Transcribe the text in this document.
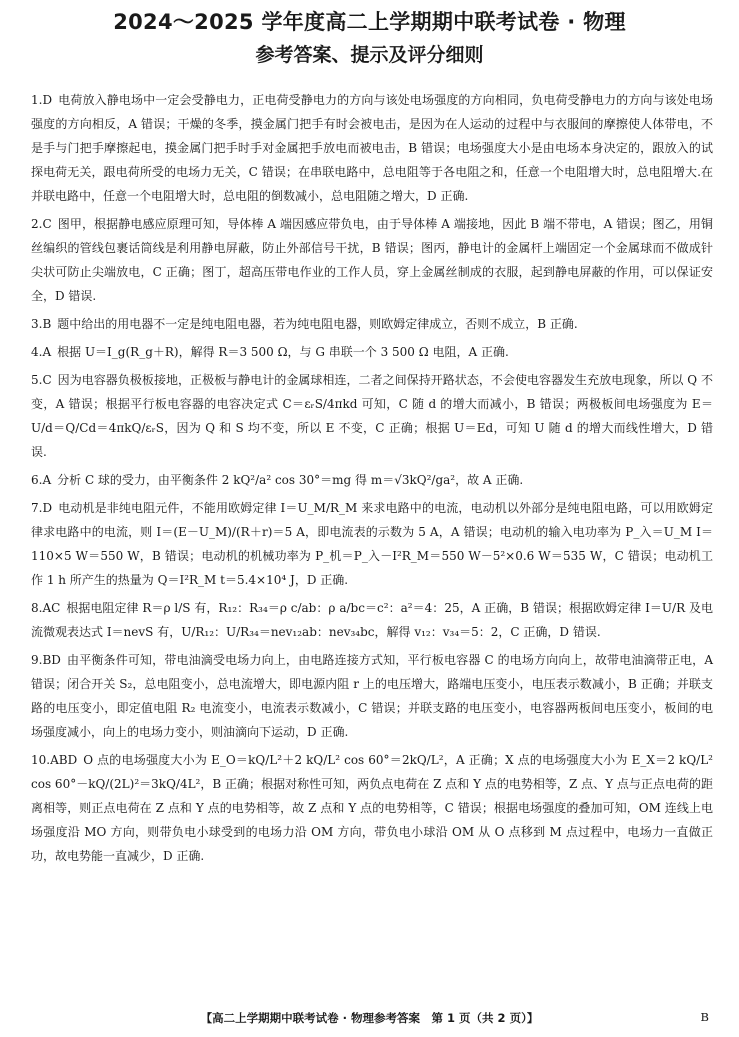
2024～2025 学年度高二上学期期中联考试卷 · 物理
参考答案、提示及评分细则
1.D 电荷放入静电场中一定会受静电力，正电荷受静电力的方向与该处电场强度的方向相同，负电荷受静电力的方向与该处电场强度的方向相反，A 错误；干燥的冬季，摸金属门把手有时会被电击，是因为在人运动的过程中与衣服间的摩擦使人体带电，不是手与门把手摩擦起电，摸金属门把手时手对金属把手放电而被电击，B 错误；电场强度大小是由电场本身决定的，跟放入的试探电荷无关，跟电荷所受的电场力无关，C 错误；在串联电路中，总电阻等于各电阻之和，任意一个电阻增大时，总电阻增大.在并联电路中，任意一个电阻增大时，总电阻的倒数减小，总电阻随之增大，D 正确.
2.C 图甲，根据静电感应原理可知，导体棒 A 端因感应带负电，由于导体棒 A 端接地，因此 B 端不带电，A 错误；图乙，用铜丝编织的管线包裹话筒线是利用静电屏蔽，防止外部信号干扰，B 错误；图丙，静电计的金属杆上端固定一个金属球而不做成针尖状可防止尖端放电，C 正确；图丁，超高压带电作业的工作人员，穿上金属丝制成的衣服，起到静电屏蔽的作用，可以保证安全，D 错误.
3.B 题中给出的用电器不一定是纯电阻电器，若为纯电阻电器，则欧姆定律成立，否则不成立，B 正确.
4.A 根据 U＝I_g(R_g＋R)，解得 R＝3 500 Ω，与 G 串联一个 3 500 Ω 电阻，A 正确.
5.C 因为电容器负极板接地，正极板与静电计的金属球相连，二者之间保持开路状态，不会使电容器发生充放电现象，所以 Q 不变，A 错误；根据平行板电容器的电容决定式 C＝εᵣS/4πkd 可知，C 随 d 的增大而减小，B 错误；两极板间电场强度为 E＝U/d＝Q/Cd＝4πkQ/εᵣS，因为 Q 和 S 均不变，所以 E 不变，C 正确；根据 U＝Ed，可知 U 随 d 的增大而线性增大，D 错误.
6.A 分析 C 球的受力，由平衡条件 2 kQ²/a² cos 30°＝mg 得 m＝√3kQ²/ga²，故 A 正确.
7.D 电动机是非纯电阻元件，不能用欧姆定律 I＝U_M/R_M 来求电路中的电流，电动机以外部分是纯电阻电路，可以用欧姆定律求电路中的电流，则 I＝(E－U_M)/(R＋r)＝5 A，即电流表的示数为 5 A，A 错误；电动机的输入电功率为 P_入＝U_M I＝110×5 W＝550 W，B 错误；电动机的机械功率为 P_机＝P_入－I²R_M＝550 W－5²×0.6 W＝535 W，C 错误；电动机工作 1 h 所产生的热量为 Q＝I²R_M t＝5.4×10⁴ J，D 正确.
8.AC 根据电阻定律 R＝ρ l/S 有，R₁₂：R₃₄＝ρ c/ab：ρ a/bc＝c²：a²＝4：25，A 正确，B 错误；根据欧姆定律 I＝U/R 及电流微观表达式 I＝nevS 有，U/R₁₂：U/R₃₄＝nev₁₂ab：nev₃₄bc，解得 v₁₂：v₃₄＝5：2，C 正确，D 错误.
9.BD 由平衡条件可知，带电油滴受电场力向上，由电路连接方式知，平行板电容器 C 的电场方向向上，故带电油滴带正电，A 错误；闭合开关 S₂，总电阻变小，总电流增大，即电源内阻 r 上的电压增大，路端电压变小，电压表示数减小，B 正确；并联支路的电压变小，即定值电阻 R₂ 电流变小，电流表示数减小，C 错误；并联支路的电压变小，电容器两板间电压变小，板间的电场强度减小，向上的电场力变小，则油滴向下运动，D 正确.
10.ABD O 点的电场强度大小为 E_O＝kQ/L²＋2 kQ/L² cos 60°＝2kQ/L²，A 正确；X 点的电场强度大小为 E_X＝2 kQ/L² cos 60°－kQ/(2L)²＝3kQ/4L²，B 正确；根据对称性可知，两负点电荷在 Z 点和 Y 点的电势相等，Z 点、Y 点与正点电荷的距离相等，则正点电荷在 Z 点和 Y 点的电势相等，故 Z 点和 Y 点的电势相等，C 错误；根据电场强度的叠加可知，OM 连线上电场强度沿 MO 方向，则带负电小球受到的电场力沿 OM 方向，带负电小球沿 OM 从 O 点移到 M 点过程中，电场力一直做正功，故电势能一直减少，D 正确.
【高二上学期期中联考试卷 · 物理参考答案　第 1 页（共 2 页）】	B
